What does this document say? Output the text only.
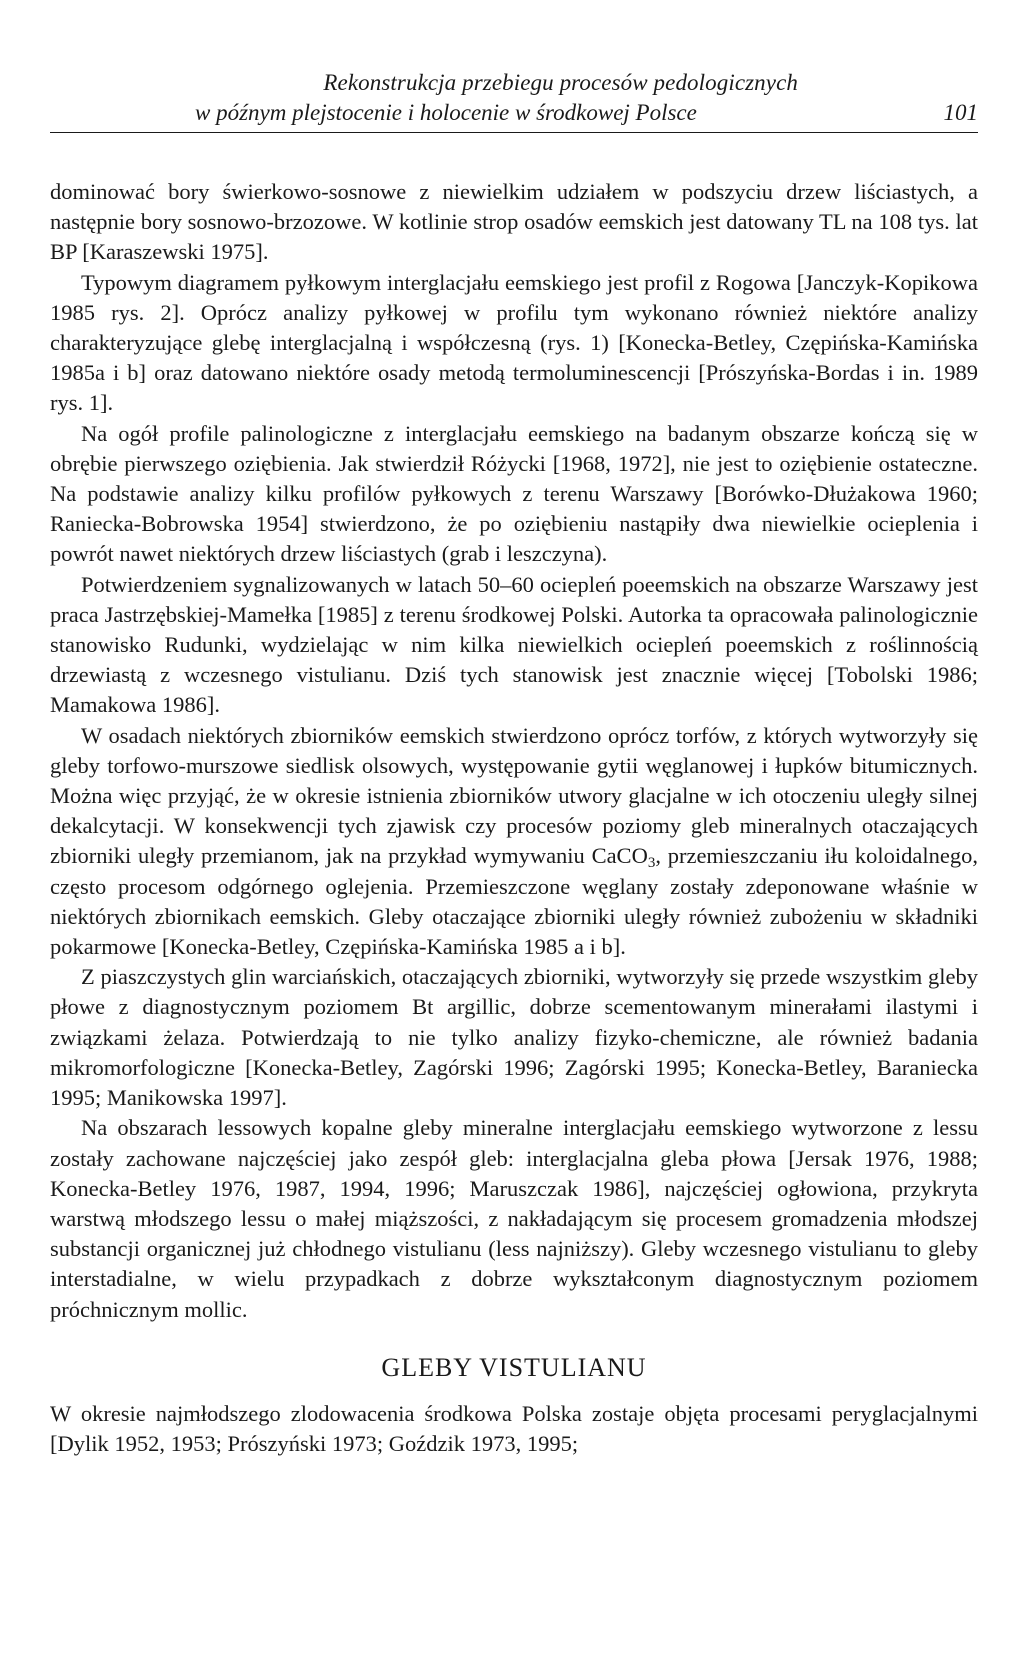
Rekonstrukcja przebiegu procesów pedologicznych
w późnym plejstocenie i holocenie w środkowej Polsce	101

dominować bory świerkowo-sosnowe z niewielkim udziałem w podszyciu drzew liściastych, a następnie bory sosnowo-brzozowe. W kotlinie strop osadów eemskich jest datowany TL na 108 tys. lat BP [Karaszewski 1975].

Typowym diagramem pyłkowym interglacjału eemskiego jest profil z Rogowa [Janczyk-Kopikowa 1985 rys. 2]. Oprócz analizy pyłkowej w profilu tym wykonano również niektóre analizy charakteryzujące glebę interglacjalną i współczesną (rys. 1) [Konecka-Betley, Czępińska-Kamińska 1985a i b] oraz datowano niektóre osady metodą termoluminescencji [Prószyńska-Bordas i in. 1989 rys. 1].

Na ogół profile palinologiczne z interglacjału eemskiego na badanym obszarze kończą się w obrębie pierwszego oziębienia. Jak stwierdził Różycki [1968, 1972], nie jest to oziębienie ostateczne. Na podstawie analizy kilku profilów pyłkowych z terenu Warszawy [Borówko-Dłużakowa 1960; Raniecka-Bobrowska 1954] stwierdzono, że po oziębieniu nastąpiły dwa niewielkie ocieplenia i powrót nawet niektórych drzew liściastych (grab i leszczyna).

Potwierdzeniem sygnalizowanych w latach 50–60 ociepleń poeemskich na obszarze Warszawy jest praca Jastrzębskiej-Mamełka [1985] z terenu środkowej Polski. Autorka ta opracowała palinologicznie stanowisko Rudunki, wydzielając w nim kilka niewielkich ociepleń poeemskich z roślinnością drzewiastą z wczesnego vistulianu. Dziś tych stanowisk jest znacznie więcej [Tobolski 1986; Mamakowa 1986].

W osadach niektórych zbiorników eemskich stwierdzono oprócz torfów, z których wytworzyły się gleby torfowo-murszowe siedlisk olsowych, występowanie gytii węglanowej i łupków bitumicznych. Można więc przyjąć, że w okresie istnienia zbiorników utwory glacjalne w ich otoczeniu uległy silnej dekalcytacji. W konsekwencji tych zjawisk czy procesów poziomy gleb mineralnych otaczających zbiorniki uległy przemianom, jak na przykład wymywaniu CaCO$_3$, przemieszczaniu iłu koloidalnego, często procesom odgórnego oglejenia. Przemieszczone węglany zostały zdeponowane właśnie w niektórych zbiornikach eemskich. Gleby otaczające zbiorniki uległy również zubożeniu w składniki pokarmowe [Konecka-Betley, Czępińska-Kamińska 1985 a i b].

Z piaszczystych glin warciańskich, otaczających zbiorniki, wytworzyły się przede wszystkim gleby płowe z diagnostycznym poziomem Bt argillic, dobrze scementowanym minerałami ilastymi i związkami żelaza. Potwierdzają to nie tylko analizy fizyko-chemiczne, ale również badania mikromorfologiczne [Konecka-Betley, Zagórski 1996; Zagórski 1995; Konecka-Betley, Baraniecka 1995; Manikowska 1997].

Na obszarach lessowych kopalne gleby mineralne interglacjału eemskiego wytworzone z lessu zostały zachowane najczęściej jako zespół gleb: interglacjalna gleba płowa [Jersak 1976, 1988; Konecka-Betley 1976, 1987, 1994, 1996; Maruszczak 1986], najczęściej ogłowiona, przykryta warstwą młodszego lessu o małej miąższości, z nakładającym się procesem gromadzenia młodszej substancji organicznej już chłodnego vistulianu (less najniższy). Gleby wczesnego vistulianu to gleby interstadialne, w wielu przypadkach z dobrze wykształconym diagnostycznym poziomem próchnicznym mollic.

GLEBY VISTULIANU

W okresie najmłodszego zlodowacenia środkowa Polska zostaje objęta procesami peryglacjalnymi [Dylik 1952, 1953; Prószyński 1973; Goździk 1973, 1995;
